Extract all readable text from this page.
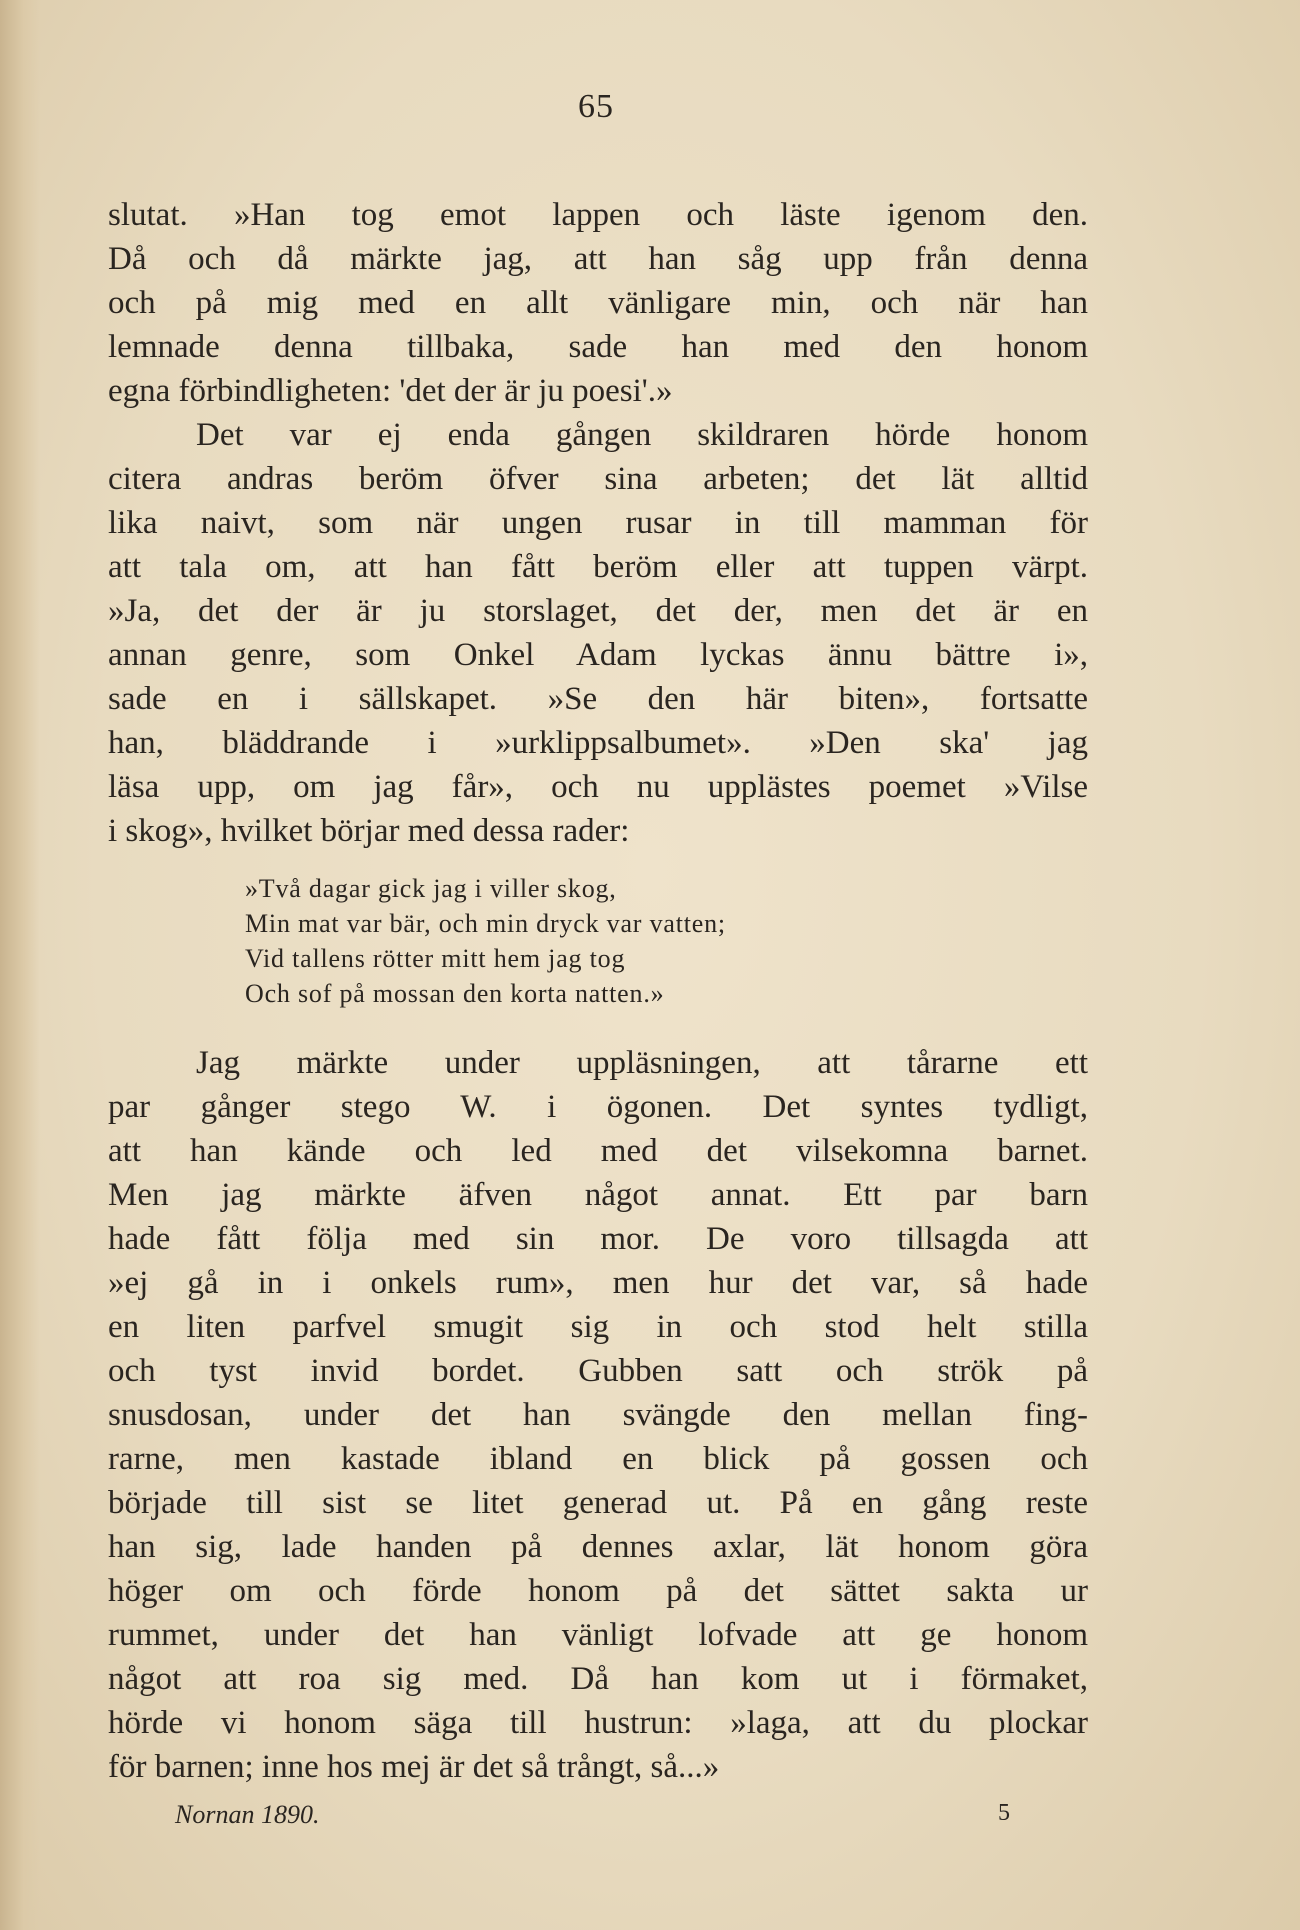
65
slutat. »Han tog emot lappen och läste igenom den.
Då och då märkte jag, att han såg upp från denna
och på mig med en allt vänligare min, och när han
lemnade denna tillbaka, sade han med den honom
egna förbindligheten: 'det der är ju poesi'.»
Det var ej enda gången skildraren hörde honom
citera andras beröm öfver sina arbeten; det lät alltid
lika naivt, som när ungen rusar in till mamman för
att tala om, att han fått beröm eller att tuppen värpt.
»Ja, det der är ju storslaget, det der, men det är en
annan genre, som Onkel Adam lyckas ännu bättre i»,
sade en i sällskapet. »Se den här biten», fortsatte
han, bläddrande i »urklippsalbumet». »Den ska' jag
läsa upp, om jag får», och nu upplästes poemet »Vilse
i skog», hvilket börjar med dessa rader:
»Två dagar gick jag i viller skog,
Min mat var bär, och min dryck var vatten;
Vid tallens rötter mitt hem jag tog
Och sof på mossan den korta natten.»
Jag märkte under uppläsningen, att tårarne ett
par gånger stego W. i ögonen. Det syntes tydligt,
att han kände och led med det vilsekomna barnet.
Men jag märkte äfven något annat. Ett par barn
hade fått följa med sin mor. De voro tillsagda att
»ej gå in i onkels rum», men hur det var, så hade
en liten parfvel smugit sig in och stod helt stilla
och tyst invid bordet. Gubben satt och strök på
snusdosan, under det han svängde den mellan fing-
rarne, men kastade ibland en blick på gossen och
började till sist se litet generad ut. På en gång reste
han sig, lade handen på dennes axlar, lät honom göra
höger om och förde honom på det sättet sakta ur
rummet, under det han vänligt lofvade att ge honom
något att roa sig med. Då han kom ut i förmaket,
hörde vi honom säga till hustrun: »laga, att du plockar
för barnen; inne hos mej är det så trångt, så...»
Nornan 1890.	5
